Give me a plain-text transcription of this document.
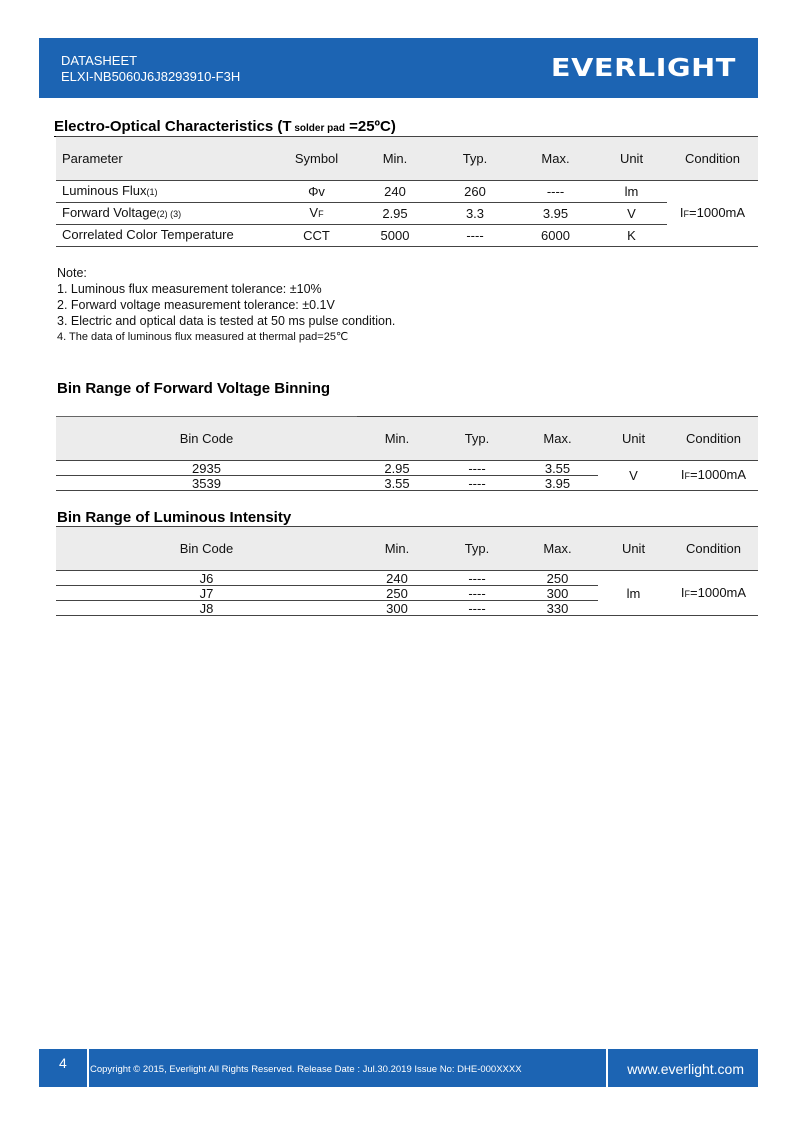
DATASHEET
ELXI-NB5060J6J8293910-F3H	EVERLIGHT
Electro-Optical Characteristics (T solder pad =25ºC)
Parameter	Symbol	Min.	Typ.	Max.	Unit	Condition
Luminous Flux(1)	Φv	240	260	----	lm	IF=1000mA
Forward Voltage(2) (3)	VF	2.95	3.3	3.95	V	
Correlated Color Temperature	CCT	5000	----	6000	K	
Note:
1. Luminous flux measurement tolerance: ±10%
2. Forward voltage measurement tolerance: ±0.1V
3. Electric and optical data is tested at 50 ms pulse condition.
4. The data of luminous flux measured at thermal pad=25℃
Bin Range of Forward Voltage Binning
Bin Code	Min.	Typ.	Max.	Unit	Condition
2935	2.95	----	3.55	V	IF=1000mA
3539	3.55	----	3.95		
Bin Range of Luminous Intensity
Bin Code	Min.	Typ.	Max.	Unit	Condition
J6	240	----	250	lm	IF=1000mA
J7	250	----	300		
J8	300	----	330		
4 Copyright © 2015, Everlight All Rights Reserved. Release Date : Jul.30.2019 Issue No: DHE-000XXXX	www.everlight.com
